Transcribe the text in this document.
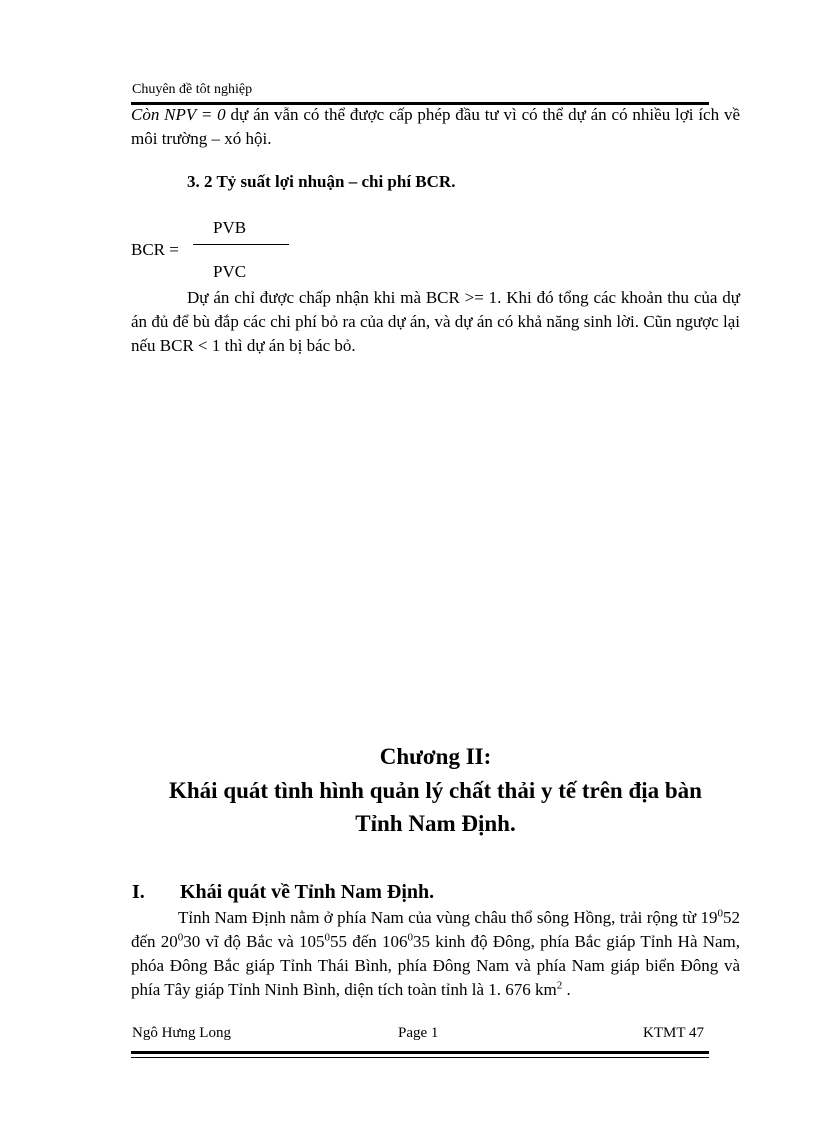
Chuyên đề tôt nghiệp
Còn NPV = 0 dự án vẫn có thể được cấp phép đầu tư vì có thể dự án có nhiều lợi ích về môi trường – xó hội.
3. 2 Tỷ suất lợi nhuận – chi phí BCR.
PVB
BCR =
PVC
Dự án chỉ được chấp nhận khi mà BCR >= 1. Khi đó tổng các khoản thu của dự án đủ để bù đắp các chi phí bỏ ra của dự án, và dự án có khả năng sinh lời. Cũn ngược lại nếu BCR < 1 thì dự án bị bác bỏ.
Chương II:
Khái quát tình hình quản lý chất thải y tế trên địa bàn
Tỉnh Nam Định.
I. Khái quát về Tỉnh Nam Định.
Tỉnh Nam Định nằm ở phía Nam của vùng châu thổ sông Hồng, trải rộng từ $19^052$ đến $20^030$ vĩ độ Bắc và $105^055$ đến $106^035$ kinh độ Đông, phía Bắc giáp Tỉnh Hà Nam, phóa Đông Bắc giáp Tỉnh Thái Bình, phía Đông Nam và phía Nam giáp biển Đông và phía Tây giáp Tỉnh Ninh Bình, diện tích toàn tỉnh là 1. 676 $km^2$ .
Ngô Hưng Long	Page 1	KTMT 47
